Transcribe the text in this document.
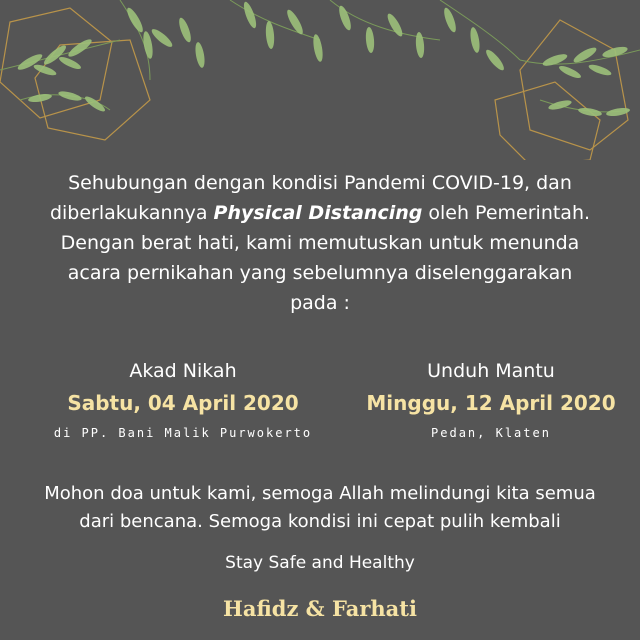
Sehubungan dengan kondisi Pandemi COVID-19, dan
diberlakukannya Physical Distancing oleh Pemerintah.
Dengan berat hati, kami memutuskan untuk menunda
acara pernikahan yang sebelumnya diselenggarakan
pada :
Akad Nikah
Sabtu, 04 April 2020
di PP. Bani Malik Purwokerto
Unduh Mantu
Minggu, 12 April 2020
Pedan, Klaten
Mohon doa untuk kami, semoga Allah melindungi kita semua
dari bencana. Semoga kondisi ini cepat pulih kembali
Stay Safe and Healthy
Hafidz & Farhati
